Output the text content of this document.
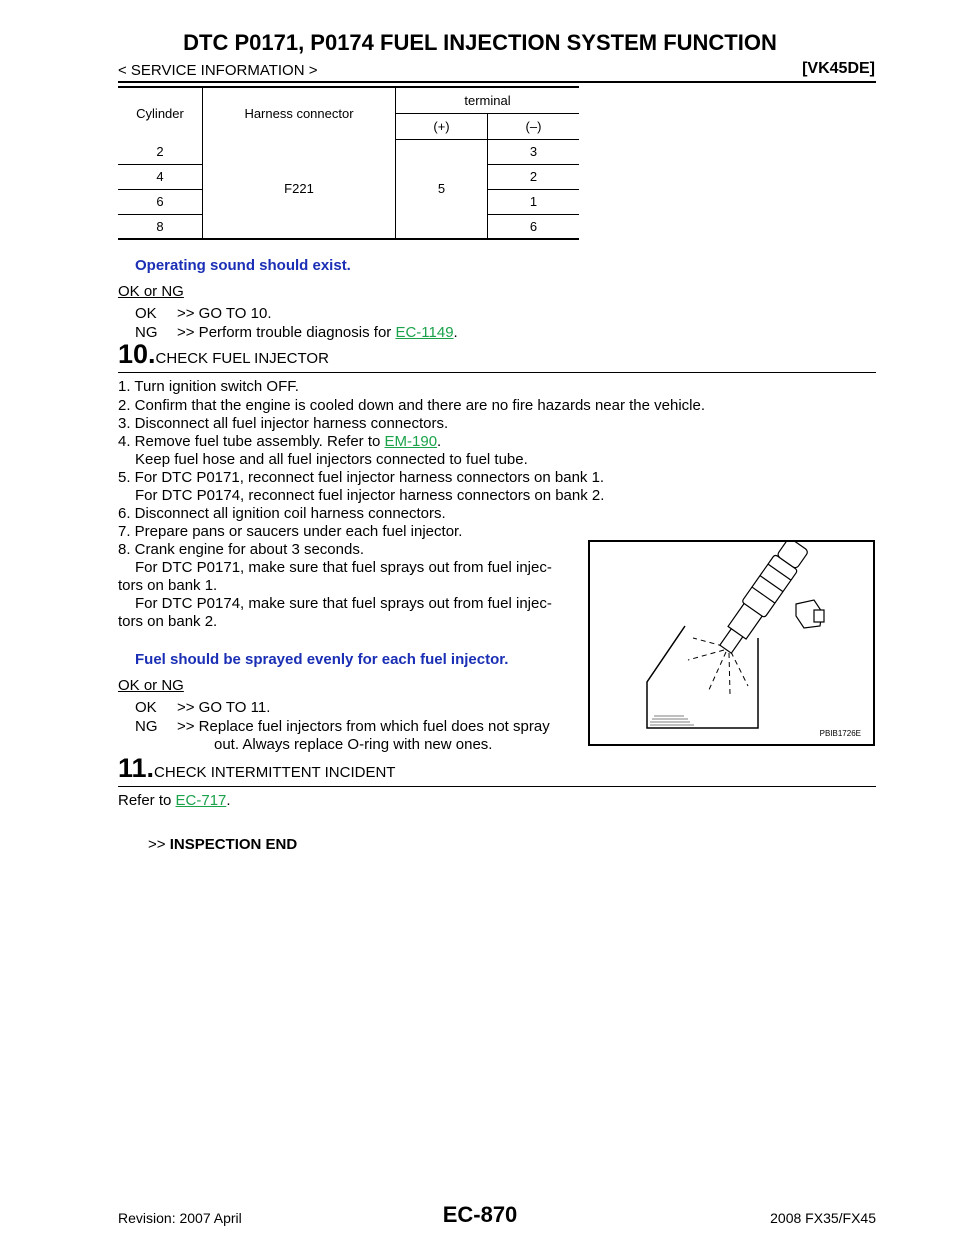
DTC P0171, P0174 FUEL INJECTION SYSTEM FUNCTION
< SERVICE INFORMATION >	[VK45DE]
Cylinder	Harness connector	terminal	
		(+)	(–)
2	F221	5	3
4			2
6			1
8			6
Operating sound should exist.
OK or NG
OK >> GO TO 10.
NG >> Perform trouble diagnosis for EC-1149.
10.CHECK FUEL INJECTOR
1. Turn ignition switch OFF.
2. Confirm that the engine is cooled down and there are no fire hazards near the vehicle.
3. Disconnect all fuel injector harness connectors.
4. Remove fuel tube assembly. Refer to EM-190.
Keep fuel hose and all fuel injectors connected to fuel tube.
5. For DTC P0171, reconnect fuel injector harness connectors on bank 1.
For DTC P0174, reconnect fuel injector harness connectors on bank 2.
6. Disconnect all ignition coil harness connectors.
7. Prepare pans or saucers under each fuel injector.
8. Crank engine for about 3 seconds.
For DTC P0171, make sure that fuel sprays out from fuel injec-
tors on bank 1.
For DTC P0174, make sure that fuel sprays out from fuel injec-
tors on bank 2.
Fuel should be sprayed evenly for each fuel injector.
OK or NG
OK >> GO TO 11.
NG >> Replace fuel injectors from which fuel does not spray
out. Always replace O-ring with new ones.
PBIB1726E
11.CHECK INTERMITTENT INCIDENT
Refer to EC-717.
>> INSPECTION END
Revision: 2007 April	EC-870	2008 FX35/FX45
